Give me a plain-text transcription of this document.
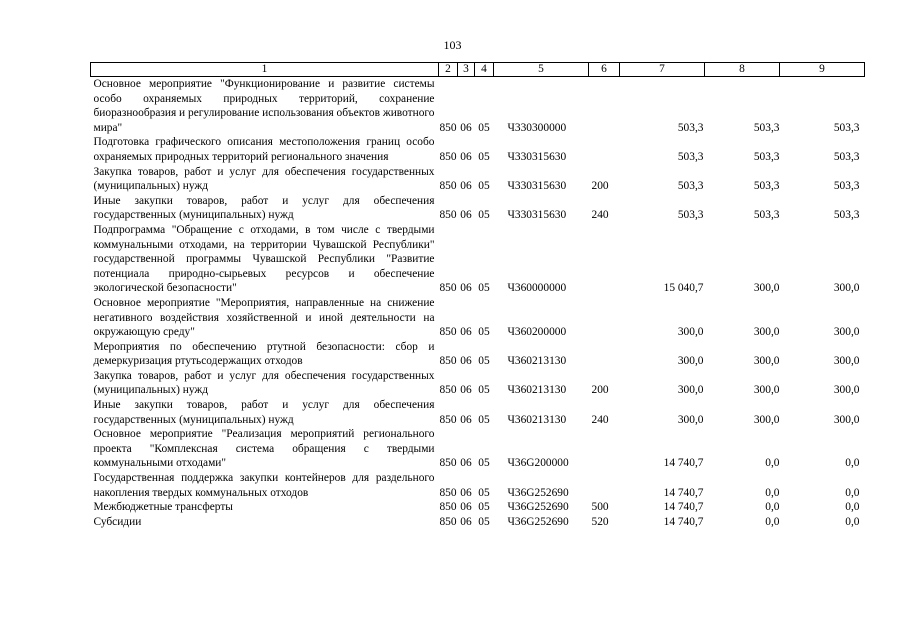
103
1	2	3	4	5	6	7	8	9
Основное мероприятие "Функционирование и развитие системы особо охраняемых природных территорий, сохранение биоразнообразия и регулирование использования объектов животного мира"	850	06	05	Ч330300000		503,3	503,3	503,3
Подготовка графического описания местоположения границ особо охраняемых природных территорий регионального значения	850	06	05	Ч330315630		503,3	503,3	503,3
Закупка товаров, работ и услуг для обеспечения государственных (муниципальных) нужд	850	06	05	Ч330315630	200	503,3	503,3	503,3
Иные закупки товаров, работ и услуг для обеспечения государственных (муниципальных) нужд	850	06	05	Ч330315630	240	503,3	503,3	503,3
Подпрограмма "Обращение с отходами, в том числе с твердыми коммунальными отходами, на территории Чувашской Республики" государственной программы Чувашской Республики "Развитие потенциала природно-сырьевых ресурсов и обеспечение экологической безопасности"	850	06	05	Ч360000000		15 040,7	300,0	300,0
Основное мероприятие "Мероприятия, направленные на снижение негативного воздействия хозяйственной и иной деятельности на окружающую среду"	850	06	05	Ч360200000		300,0	300,0	300,0
Мероприятия по обеспечению ртутной безопасности: сбор и демеркуризация ртутьсодержащих отходов	850	06	05	Ч360213130		300,0	300,0	300,0
Закупка товаров, работ и услуг для обеспечения государственных (муниципальных) нужд	850	06	05	Ч360213130	200	300,0	300,0	300,0
Иные закупки товаров, работ и услуг для обеспечения государственных (муниципальных) нужд	850	06	05	Ч360213130	240	300,0	300,0	300,0
Основное мероприятие "Реализация мероприятий регионального проекта "Комплексная система обращения с твердыми коммунальными отходами"	850	06	05	Ч36G200000		14 740,7	0,0	0,0
Государственная поддержка закупки контейнеров для раздельного накопления твердых коммунальных отходов	850	06	05	Ч36G252690		14 740,7	0,0	0,0
Межбюджетные трансферты	850	06	05	Ч36G252690	500	14 740,7	0,0	0,0
Субсидии	850	06	05	Ч36G252690	520	14 740,7	0,0	0,0
